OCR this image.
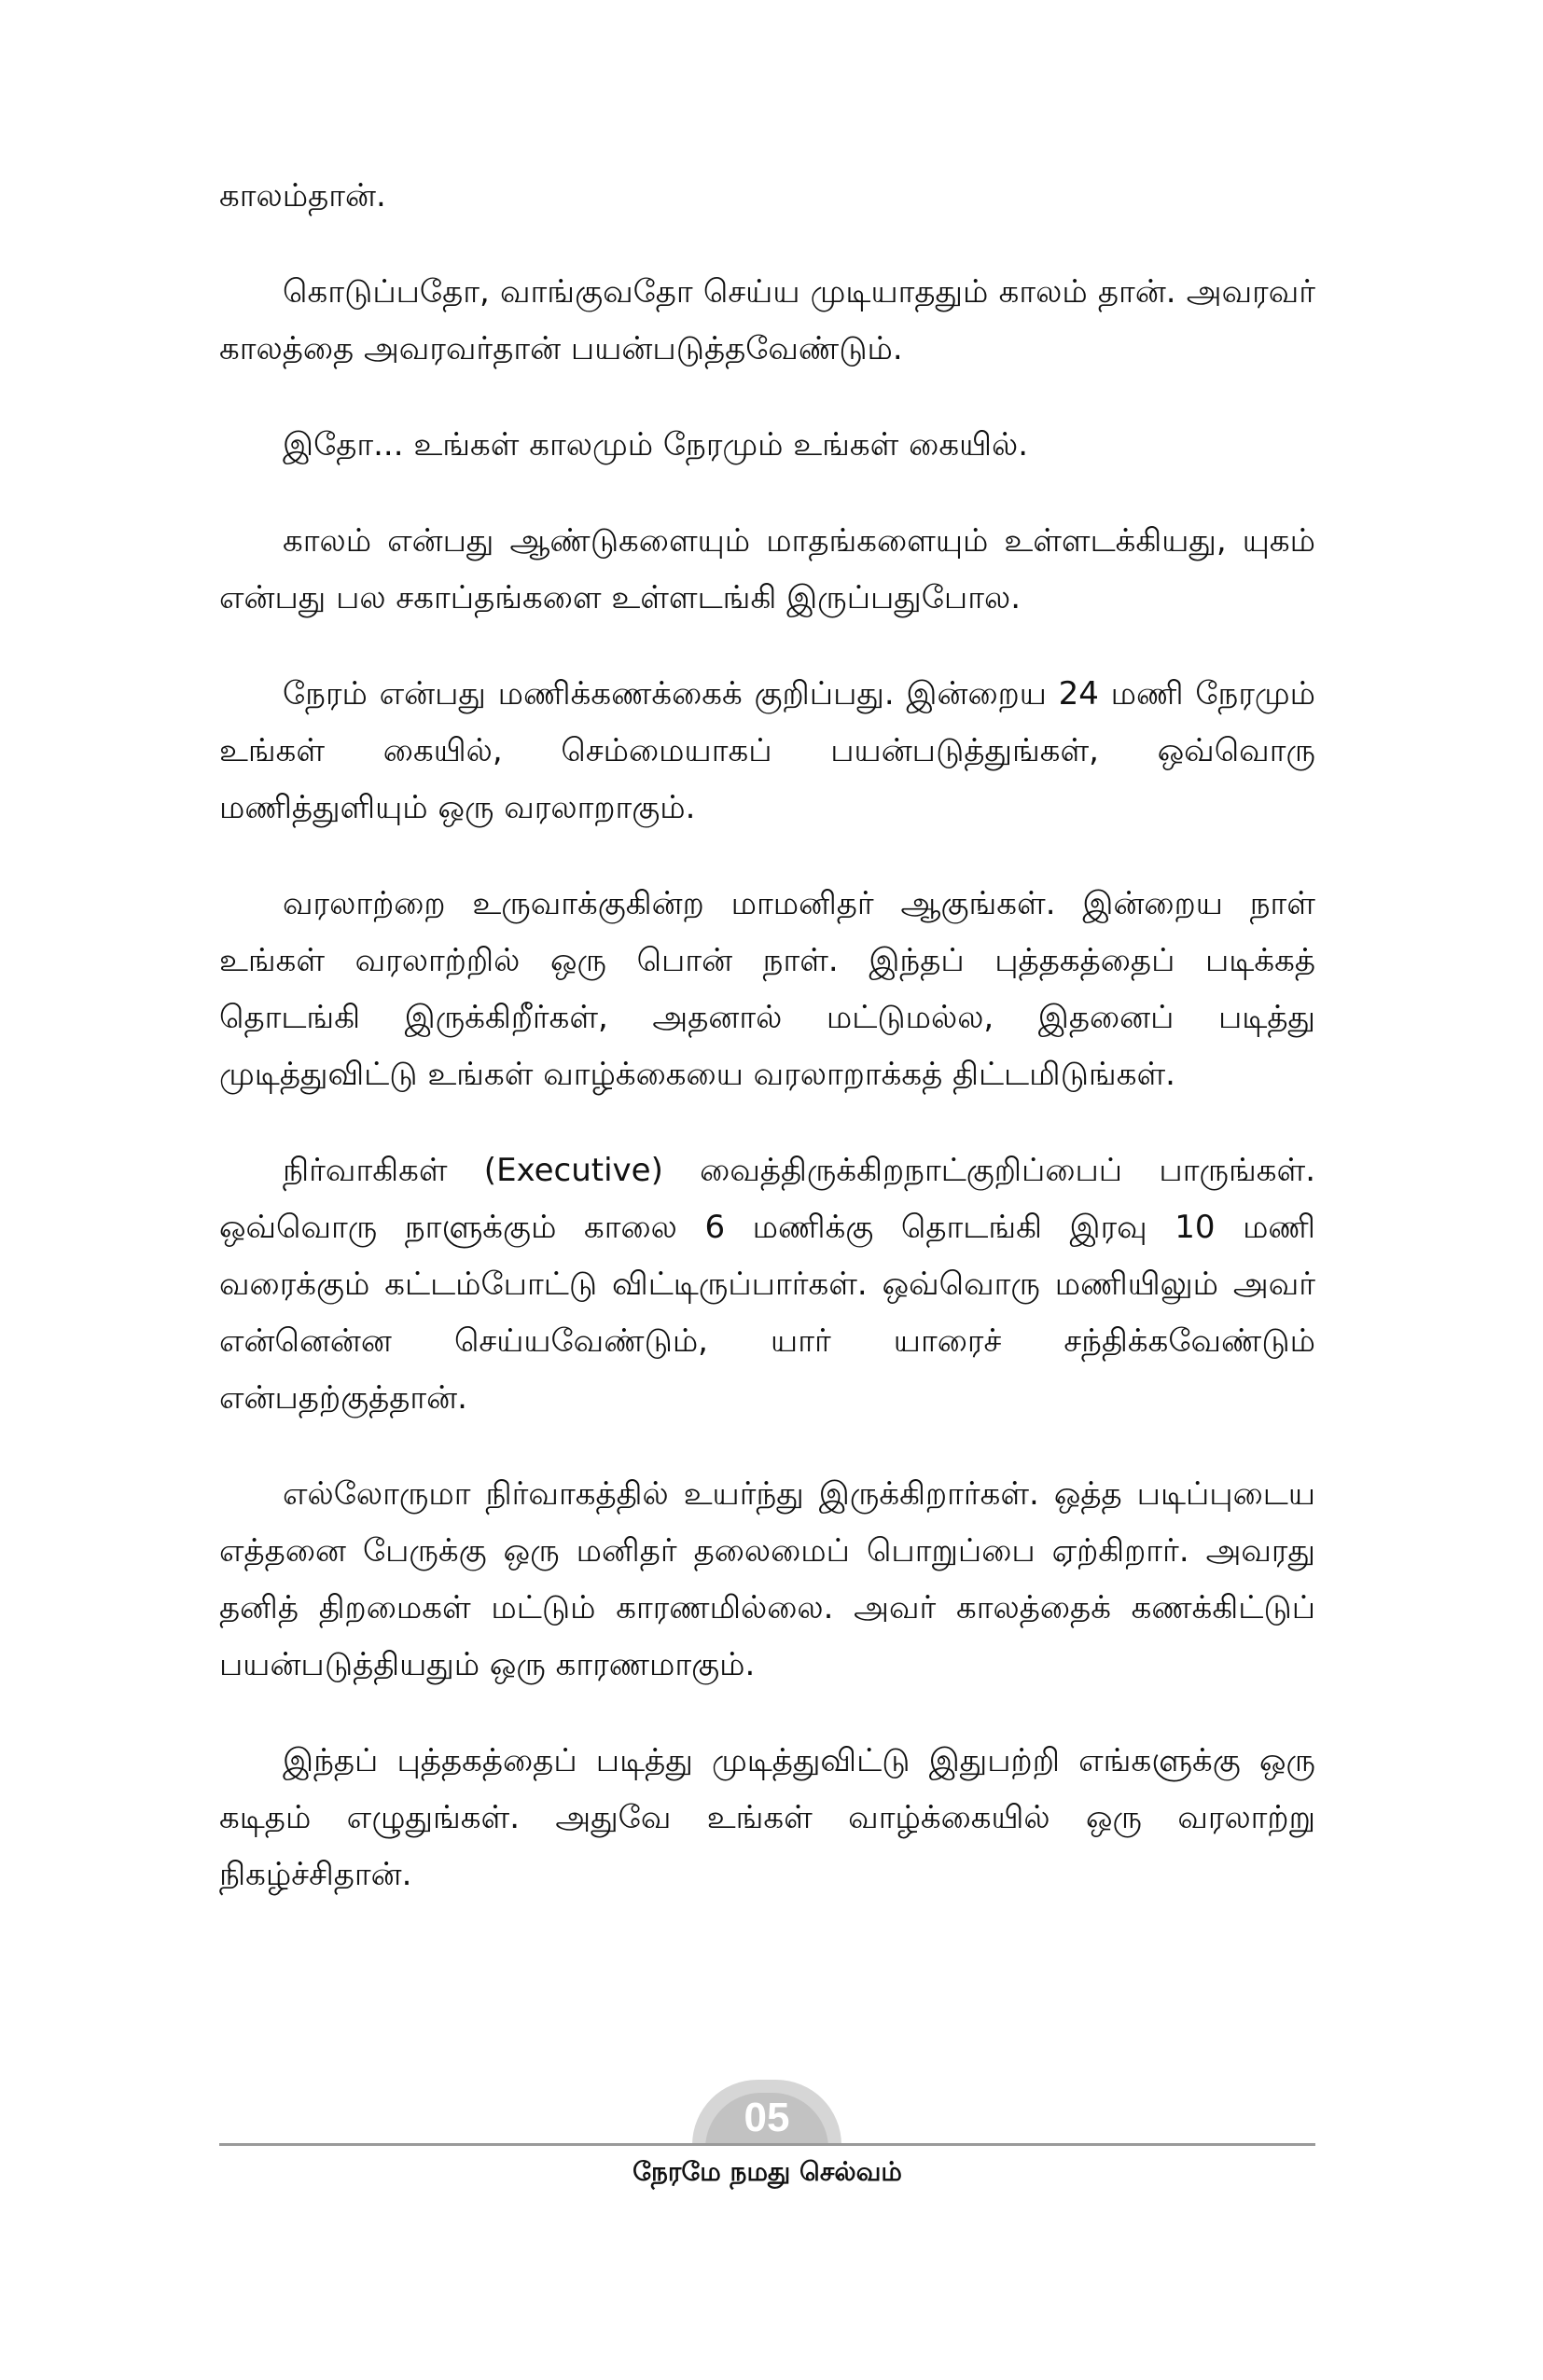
காலம்தான்.

கொடுப்பதோ, வாங்குவதோ செய்ய முடியாததும் காலம் தான். அவரவர் காலத்தை அவரவர்தான் பயன்படுத்தவேண்டும்.

இதோ... உங்கள் காலமும் நேரமும் உங்கள் கையில்.

காலம் என்பது ஆண்டுகளையும் மாதங்களையும் உள்ளடக்கியது, யுகம் என்பது பல சகாப்தங்களை உள்ளடங்கி இருப்பதுபோல.

நேரம் என்பது மணிக்கணக்கைக் குறிப்பது. இன்றைய 24 மணி நேரமும் உங்கள் கையில், செம்மையாகப் பயன்படுத்துங்கள், ஒவ்வொரு மணித்துளியும் ஒரு வரலாறாகும்.

வரலாற்றை உருவாக்குகின்ற மாமனிதர் ஆகுங்கள். இன்றைய நாள் உங்கள் வரலாற்றில் ஒரு பொன் நாள். இந்தப் புத்தகத்தைப் படிக்கத் தொடங்கி இருக்கிறீர்கள், அதனால் மட்டுமல்ல, இதனைப் படித்து முடித்துவிட்டு உங்கள் வாழ்க்கையை வரலாறாக்கத் திட்டமிடுங்கள்.

நிர்வாகிகள் (Executive) வைத்திருக்கிறநாட்குறிப்பைப் பாருங்கள். ஒவ்வொரு நாளுக்கும் காலை 6 மணிக்கு தொடங்கி இரவு 10 மணி வரைக்கும் கட்டம்போட்டு விட்டிருப்பார்கள். ஒவ்வொரு மணியிலும் அவர் என்னென்ன செய்யவேண்டும், யார் யாரைச் சந்திக்கவேண்டும் என்பதற்குத்தான்.

எல்லோருமா நிர்வாகத்தில் உயர்ந்து இருக்கிறார்கள். ஒத்த படிப்புடைய எத்தனை பேருக்கு ஒரு மனிதர் தலைமைப் பொறுப்பை ஏற்கிறார். அவரது தனித் திறமைகள் மட்டும் காரணமில்லை. அவர் காலத்தைக் கணக்கிட்டுப் பயன்படுத்தியதும் ஒரு காரணமாகும்.

இந்தப் புத்தகத்தைப் படித்து முடித்துவிட்டு இதுபற்றி எங்களுக்கு ஒரு கடிதம் எழுதுங்கள். அதுவே உங்கள் வாழ்க்கையில் ஒரு வரலாற்று நிகழ்ச்சிதான்.

05
நேரமே நமது செல்வம்
